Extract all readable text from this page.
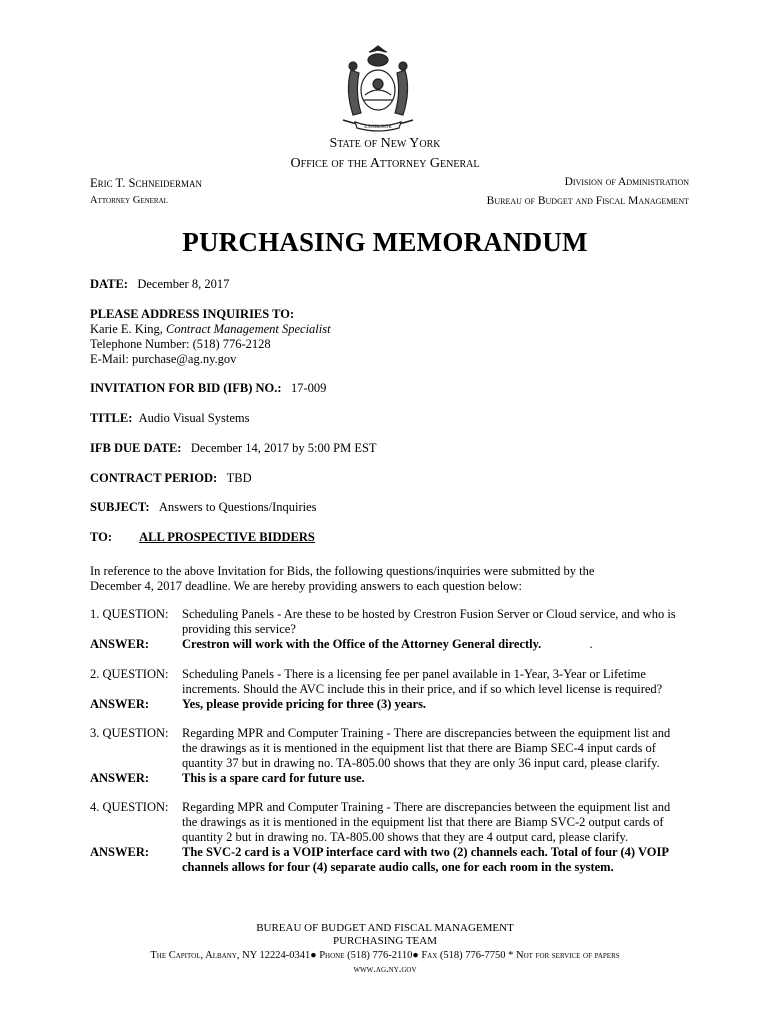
EXCELSIOR
State of New York
Office of the Attorney General
Eric T. Schneiderman
Attorney General
Division of Administration
Bureau of Budget and Fiscal Management
PURCHASING MEMORANDUM
DATE: December 8, 2017
PLEASE ADDRESS INQUIRIES TO:
Karie E. King, Contract Management Specialist
Telephone Number: (518) 776-2128
E-Mail: purchase@ag.ny.gov
INVITATION FOR BID (IFB) NO.: 17-009
TITLE: Audio Visual Systems
IFB DUE DATE: December 14, 2017 by 5:00 PM EST
CONTRACT PERIOD: TBD
SUBJECT: Answers to Questions/Inquiries
TO: ALL PROSPECTIVE BIDDERS
In reference to the above Invitation for Bids, the following questions/inquiries were submitted by the
December 4, 2017 deadline. We are hereby providing answers to each question below:
1. QUESTION:	Scheduling Panels - Are these to be hosted by Crestron Fusion Server or Cloud service, and who is
providing this service?
ANSWER:	Crestron will work with the Office of the Attorney General directly.	.
2. QUESTION:	Scheduling Panels - There is a licensing fee per panel available in 1-Year, 3-Year or Lifetime
increments. Should the AVC include this in their price, and if so which level license is required?
ANSWER:	Yes, please provide pricing for three (3) years.
3. QUESTION:	Regarding MPR and Computer Training - There are discrepancies between the equipment list and
the drawings as it is mentioned in the equipment list that there are Biamp SEC-4 input cards of
quantity 37 but in drawing no. TA-805.00 shows that they are only 36 input card, please clarify.
ANSWER:	This is a spare card for future use.
4. QUESTION:	Regarding MPR and Computer Training - There are discrepancies between the equipment list and
the drawings as it is mentioned in the equipment list that there are Biamp SVC-2 output cards of
quantity 2 but in drawing no. TA-805.00 shows that they are 4 output card, please clarify.
ANSWER:	The SVC-2 card is a VOIP interface card with two (2) channels each. Total of four (4) VOIP
channels allows for four (4) separate audio calls, one for each room in the system.
BUREAU OF BUDGET AND FISCAL MANAGEMENT
PURCHASING TEAM
The Capitol, Albany, NY 12224-0341● Phone (518) 776-2110● Fax (518) 776-7750 * Not for service of papers
www.ag.ny.gov
